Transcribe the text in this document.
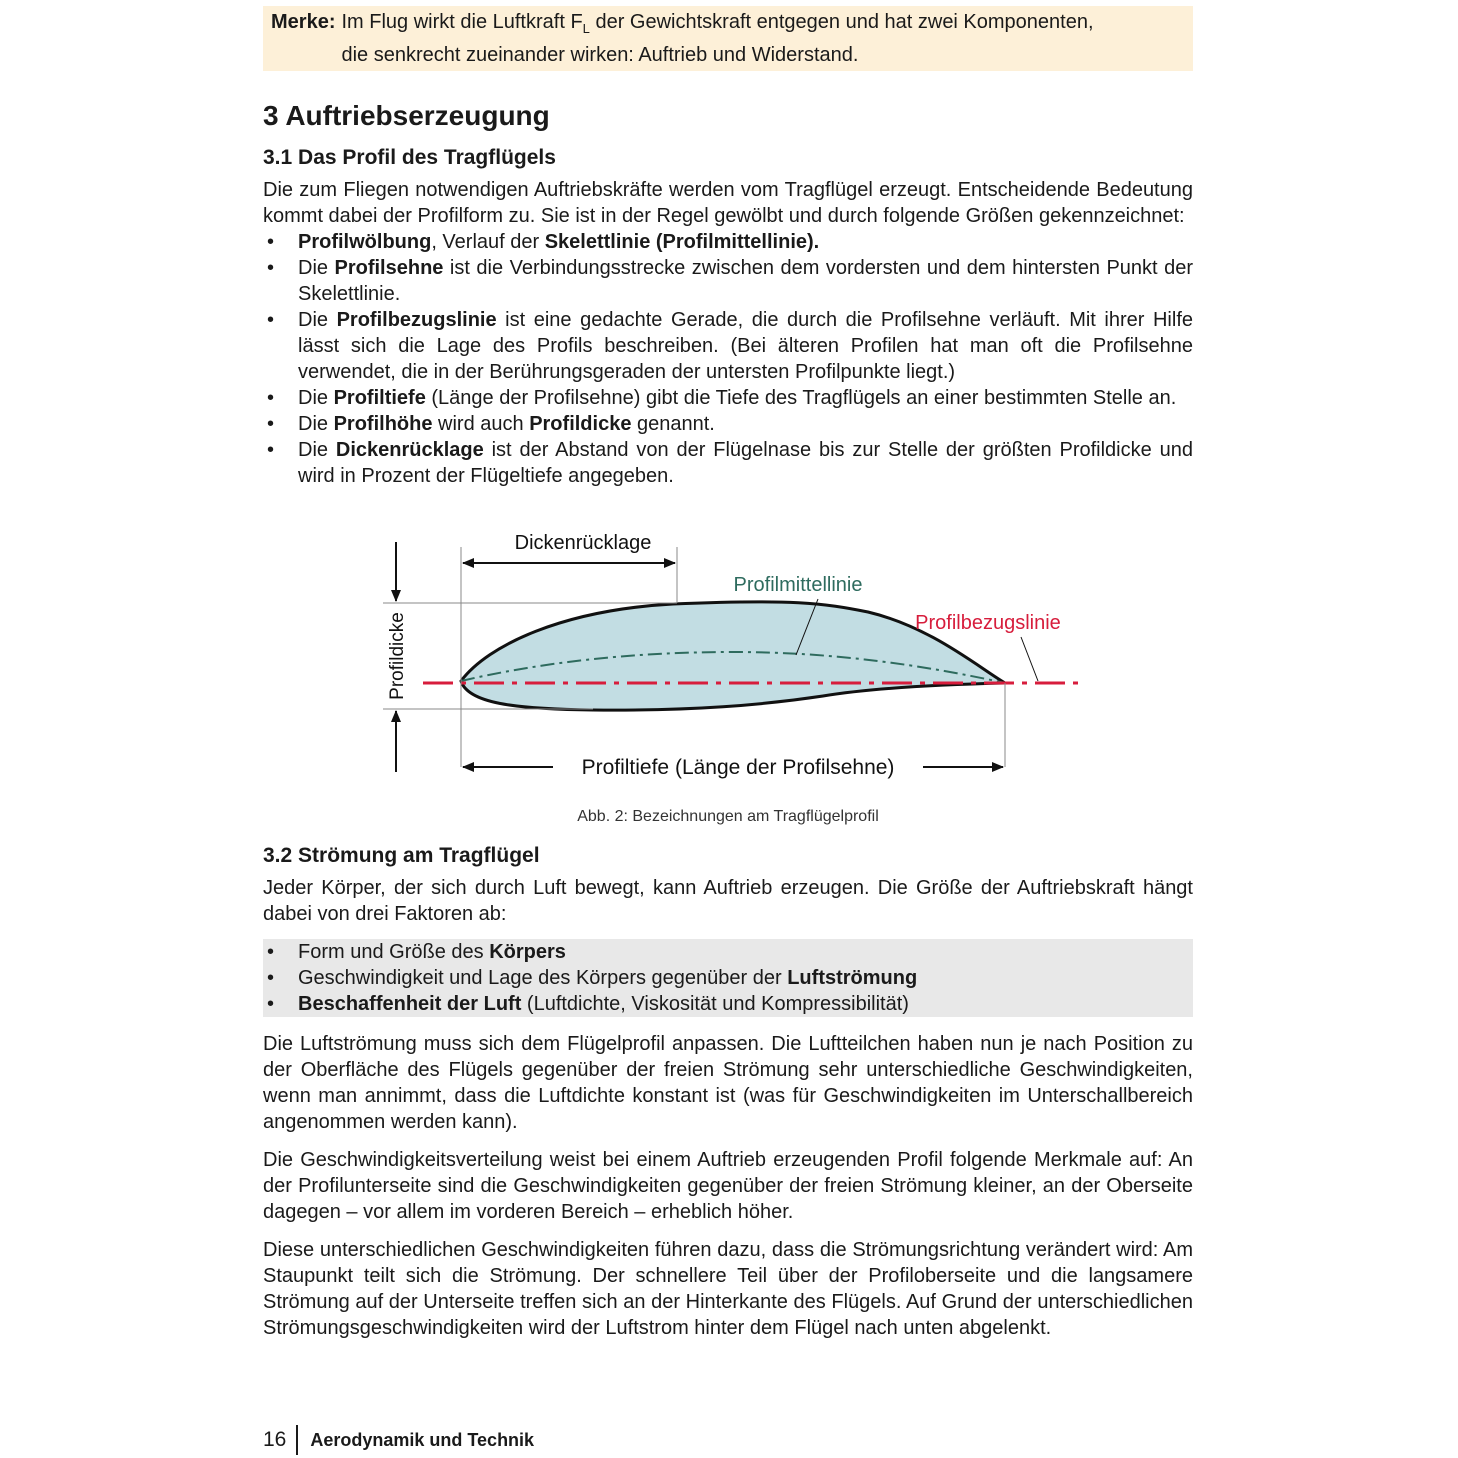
Merke: Im Flug wirkt die Luftkraft $F_L$ der Gewichtskraft entgegen und hat zwei Komponenten,
die senkrecht zueinander wirken: Auftrieb und Widerstand.
3 Auftriebserzeugung
3.1 Das Profil des Tragflügels

Die zum Fliegen notwendigen Auftriebskräfte werden vom Tragflügel erzeugt. Entscheidende Bedeutung kommt dabei der Profilform zu. Sie ist in der Regel gewölbt und durch folgende Größen gekennzeichnet:

• Profilwölbung, Verlauf der Skelettlinie (Profilmittellinie).
• Die Profilsehne ist die Verbindungsstrecke zwischen dem vordersten und dem hintersten Punkt der Skelettlinie.
• Die Profilbezugslinie ist eine gedachte Gerade, die durch die Profilsehne verläuft. Mit ihrer Hilfe lässt sich die Lage des Profils beschreiben. (Bei älteren Profilen hat man oft die Profilsehne verwendet, die in der Berührungsgeraden der untersten Profilpunkte liegt.)
• Die Profiltiefe (Länge der Profilsehne) gibt die Tiefe des Tragflügels an einer bestimmten Stelle an.
• Die Profilhöhe wird auch Profildicke genannt.
• Die Dickenrücklage ist der Abstand von der Flügelnase bis zur Stelle der größten Profildicke und wird in Prozent der Flügeltiefe angegeben.
Dickenrücklage
Profildicke
Profilmittellinie
Profilbezugslinie
Profiltiefe (Länge der Profilsehne)
Abb. 2: Bezeichnungen am Tragflügelprofil
3.2 Strömung am Tragflügel

Jeder Körper, der sich durch Luft bewegt, kann Auftrieb erzeugen. Die Größe der Auftriebskraft hängt dabei von drei Faktoren ab:

• Form und Größe des Körpers
• Geschwindigkeit und Lage des Körpers gegenüber der Luftströmung
• Beschaffenheit der Luft (Luftdichte, Viskosität und Kompressibilität)

Die Luftströmung muss sich dem Flügelprofil anpassen. Die Luftteilchen haben nun je nach Position zu der Oberfläche des Flügels gegenüber der freien Strömung sehr unterschiedliche Geschwindigkeiten, wenn man annimmt, dass die Luftdichte konstant ist (was für Geschwindigkeiten im Unterschallbereich angenommen werden kann).

Die Geschwindigkeitsverteilung weist bei einem Auftrieb erzeugenden Profil folgende Merkmale auf: An der Profilunterseite sind die Geschwindigkeiten gegenüber der freien Strömung kleiner, an der Oberseite dagegen – vor allem im vorderen Bereich – erheblich höher.

Diese unterschiedlichen Geschwindigkeiten führen dazu, dass die Strömungsrichtung verändert wird: Am Staupunkt teilt sich die Strömung. Der schnellere Teil über der Profiloberseite und die langsamere Strömung auf der Unterseite treffen sich an der Hinterkante des Flügels. Auf Grund der unterschiedlichen Strömungsgeschwindigkeiten wird der Luftstrom hinter dem Flügel nach unten abgelenkt.

16	Aerodynamik und Technik
